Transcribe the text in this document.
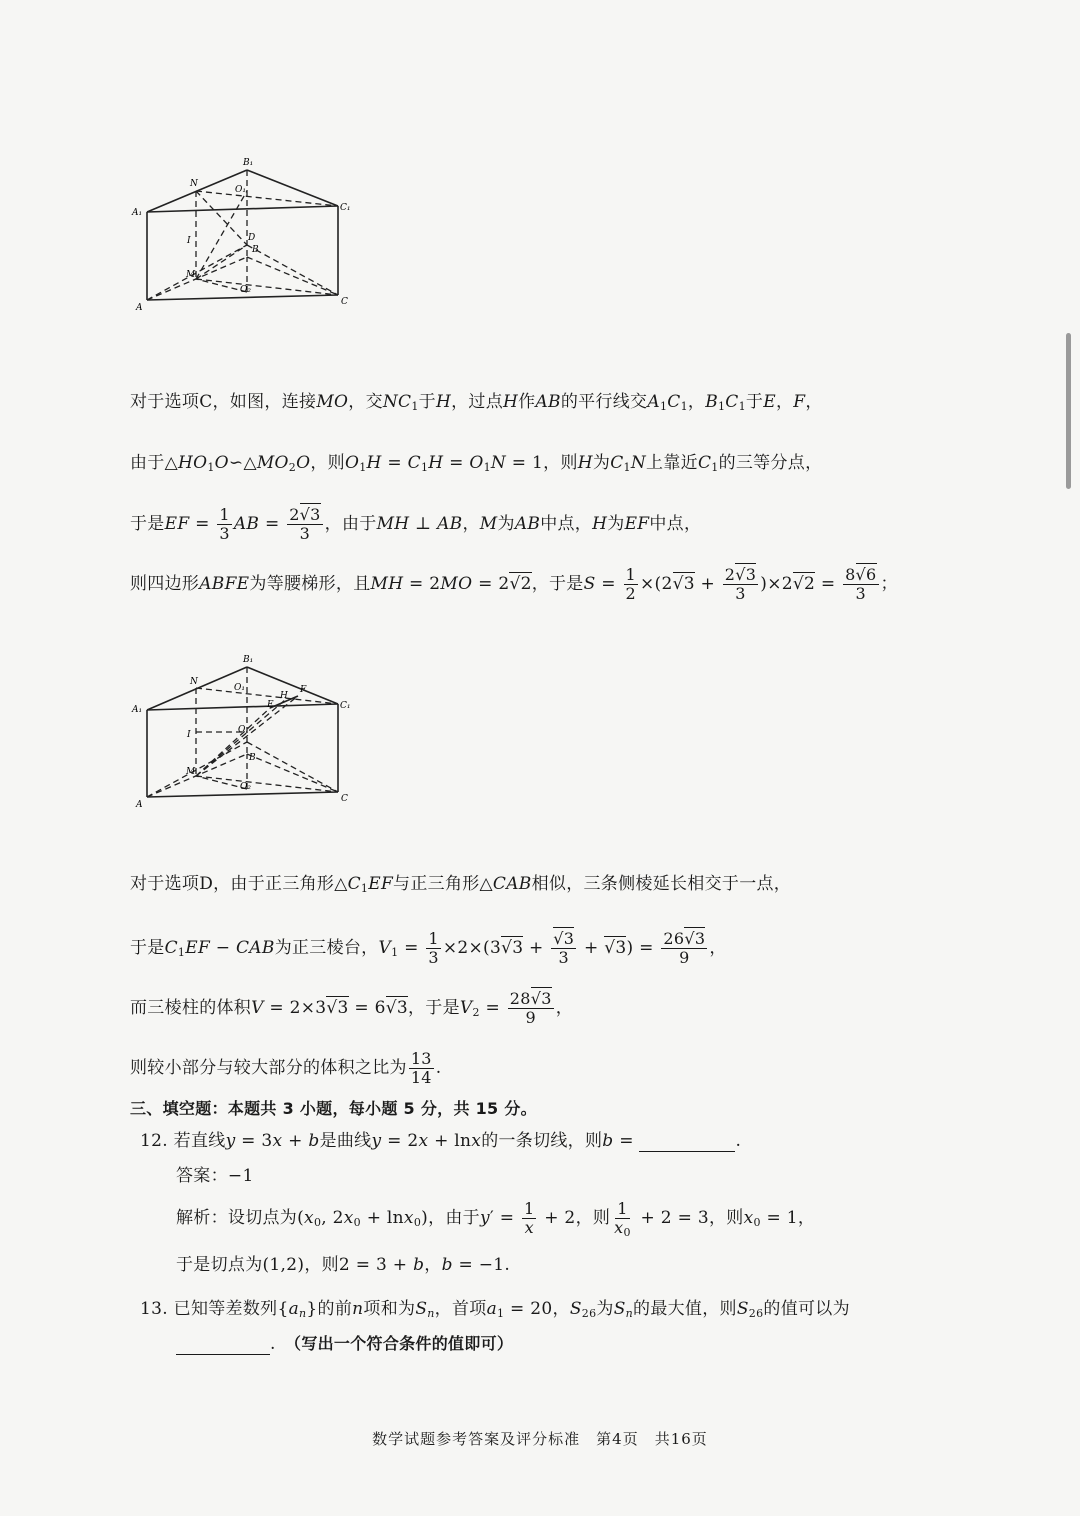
B₁
N
O₁
A₁	C₁
I	D
B
M
O₂
A
C
对于选项C，如图，连接MO，交$NC_1$于H，过点H作AB的平行线交$A_1C_1$，$B_1C_1$于E，F，
由于$\triangle HO_1O∽\triangle MO_2O$，则$O_1H = C_1H = O_1N = 1$，则H为$C_1N$上靠近$C_1$的三等分点，
于是EF = $\frac{1}{3}$ AB = $\frac{2√3}{3}$ ，由于MH ⊥ AB，M为AB中点，H为EF中点，
则四边形ABFE为等腰梯形，且MH = 2MO = 2√2，于是$S = \frac{1}{2} \times(2√3 + \frac{2√3}{3} )\times 2√2 = \frac{8√6}{3}$ ；
B₁
N
O₁
H
E
F
A₁	C₁
I	O
B
M
O₂
A
C
对于选项D，由于正三角形$\triangle C_1EF$与正三角形△CAB相似，三条侧棱延长相交于一点，
于是$C_1EF$ − CAB为正三棱台，$V_1 = \frac{1}{3} \times 2\times(3√3 + \frac{√3}{3} + √3) = \frac{26√3}{9}$ ，
而三棱柱的体积V = 2×3√3 = 6√3，于是$V_2 = \frac{28√3}{9}$ ，
则较小部分与较大部分的体积之比为 $\frac{13}{14}$ .
三、填空题：本题共 3 小题，每小题 5 分，共 15 分。
12. 若直线y = 3x + b是曲线y = 2x + lnx的一条切线，则b =	.
答案：−1
解析：设切点为($x_0$, $2x_0 + \ln x_0$)，由于$y' = \frac{1}{x} + 2$，则 $\frac{1}{x_0} + 2 = 3$，则$x_0 = 1$，
于是切点为(1,2)，则2 = 3 + b，b = −1.
13. 已知等差数列$\{a_n\}$的前n项和为$S_n$，首项$a_1 = 20$，$S_{26}$为$S_n$的最大值，则$S_{26}$的值可以为
.　（写出一个符合条件的值即可）
数学试题参考答案及评分标准　第4页　共16页
